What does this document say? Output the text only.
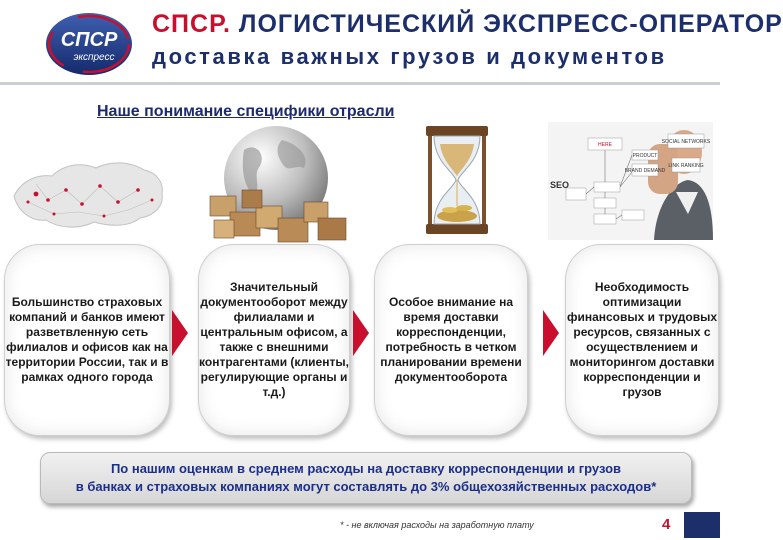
СПСР
экспресс
СПСР. ЛОГИСТИЧЕСКИЙ ЭКСПРЕСС-ОПЕРАТОР
доставка важных грузов и документов
Наше понимание специфики отрасли
HERE
PRODUCT
BRAND DEMAND
LINK RANKING
SOCIAL NETWORKS
SEO
Большинство страховых компаний и банков имеют разветвленную сеть филиалов и офисов как на территории России, так и в рамках одного города
Значительный документооборот между филиалами и центральным офисом, а также с внешними контрагентами (клиенты, регулирующие органы и т.д.)
Особое внимание на время доставки корреспонденции, потребность в четком планировании времени документооборота
Необходимость оптимизации финансовых и трудовых ресурсов, связанных с осуществлением и мониторингом доставки корреспонденции и грузов
По нашим оценкам в среднем расходы на доставку корреспонденции и грузов
в банках и страховых компаниях могут составлять до 3% общехозяйственных расходов*
* - не включая расходы на заработную плату	4
